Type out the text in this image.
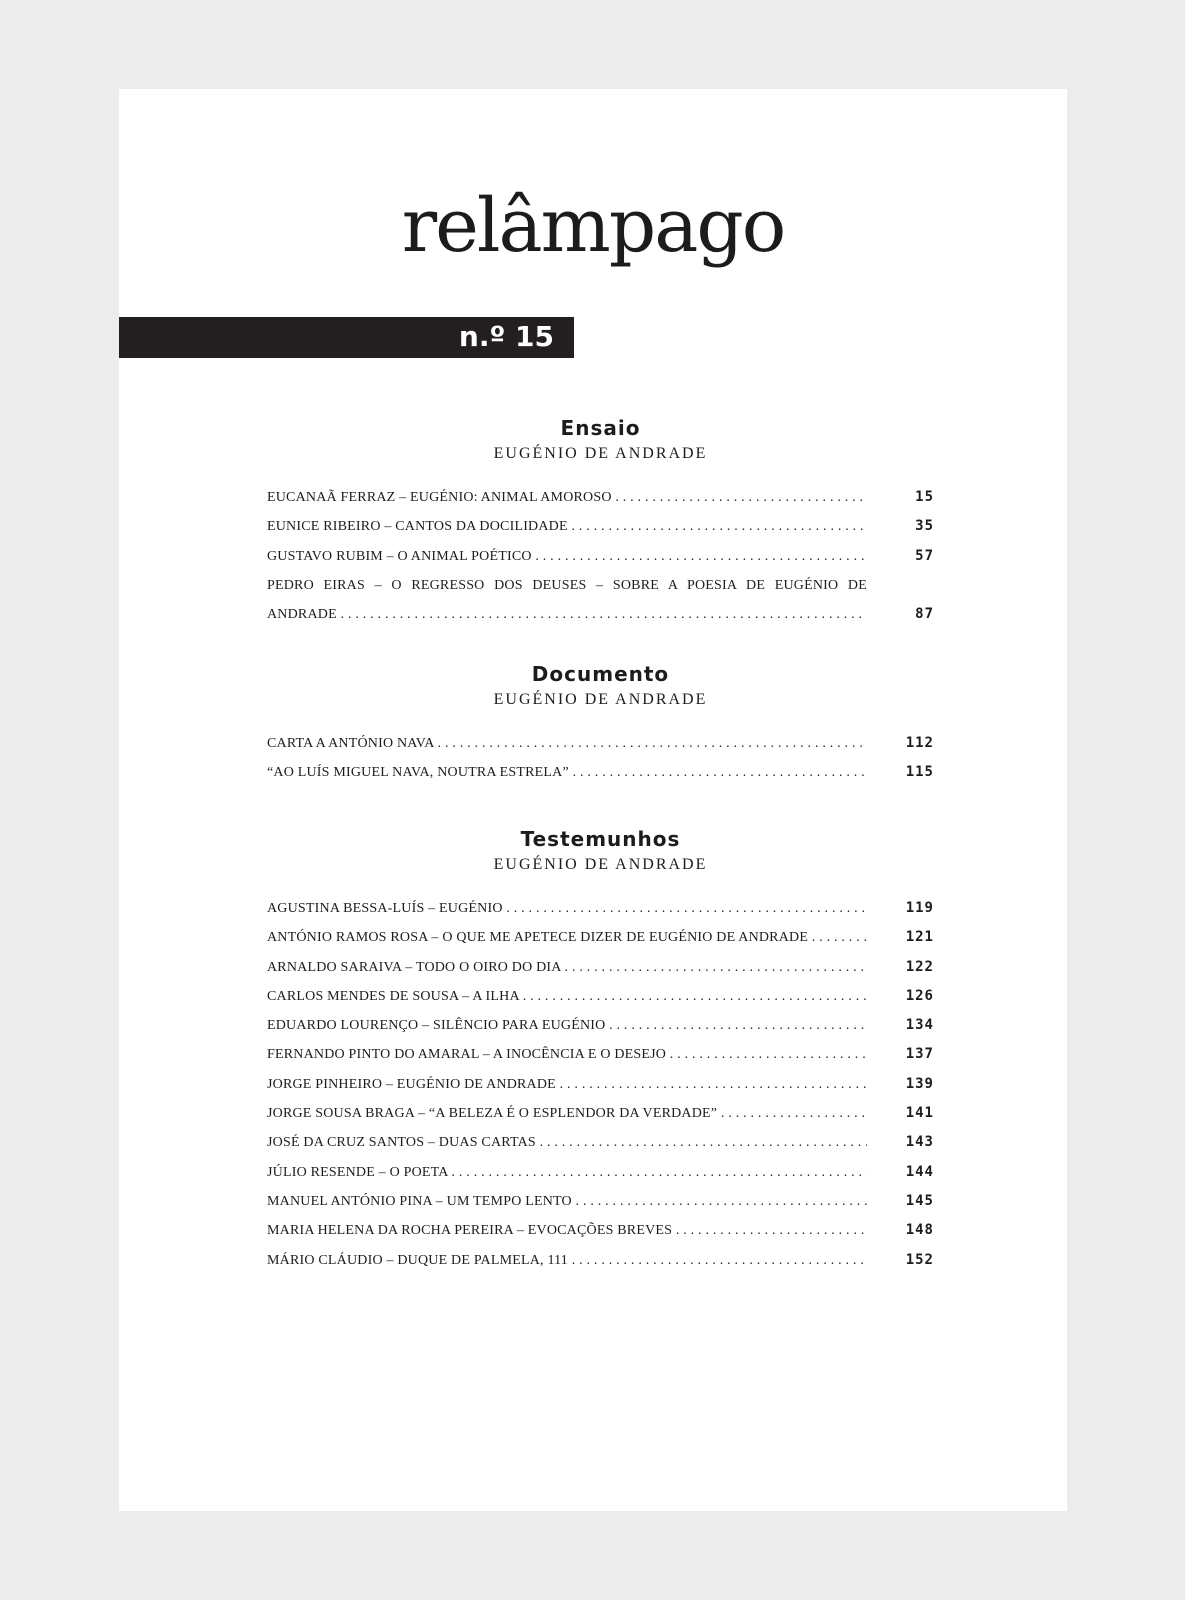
relâmpago
n.º 15
Ensaio
EUGÉNIO DE ANDRADE
EUCANAÃ FERRAZ – EUGÉNIO: ANIMAL AMOROSO . . .	15
EUNICE RIBEIRO – CANTOS DA DOCILIDADE . . .	35
GUSTAVO RUBIM – O ANIMAL POÉTICO . . .	57
PEDRO EIRAS – O REGRESSO DOS DEUSES – SOBRE A POESIA DE EUGÉNIO DE
ANDRADE . . .	87
Documento
EUGÉNIO DE ANDRADE
CARTA A ANTÓNIO NAVA . . .	112
“AO LUÍS MIGUEL NAVA, NOUTRA ESTRELA” . . .	115
Testemunhos
EUGÉNIO DE ANDRADE
AGUSTINA BESSA-LUÍS – EUGÉNIO . . .	119
ANTÓNIO RAMOS ROSA – O QUE ME APETECE DIZER DE EUGÉNIO DE ANDRADE . . .	121
ARNALDO SARAIVA – TODO O OIRO DO DIA . . .	122
CARLOS MENDES DE SOUSA – A ILHA . . .	126
EDUARDO LOURENÇO – SILÊNCIO PARA EUGÉNIO . . .	134
FERNANDO PINTO DO AMARAL – A INOCÊNCIA E O DESEJO . . .	137
JORGE PINHEIRO – EUGÉNIO DE ANDRADE . . .	139
JORGE SOUSA BRAGA – “A BELEZA É O ESPLENDOR DA VERDADE” . . .	141
JOSÉ DA CRUZ SANTOS – DUAS CARTAS . . .	143
JÚLIO RESENDE – O POETA . . .	144
MANUEL ANTÓNIO PINA – UM TEMPO LENTO . . .	145
MARIA HELENA DA ROCHA PEREIRA – EVOCAÇÕES BREVES . . .	148
MÁRIO CLÁUDIO – DUQUE DE PALMELA, 111 . . .	152
